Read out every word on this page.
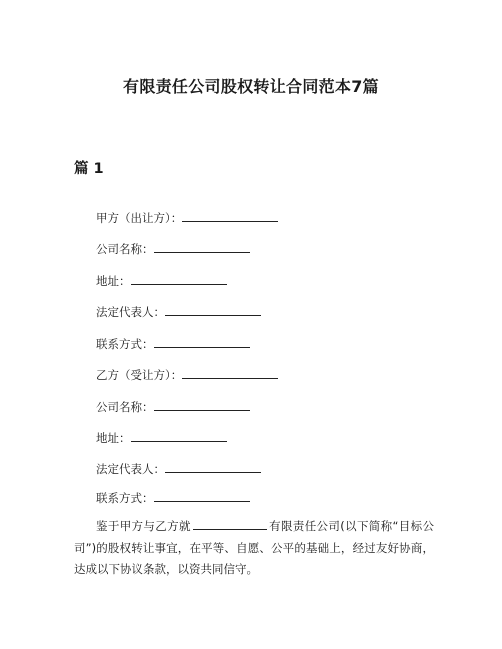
有限责任公司股权转让合同范本7篇
篇 1
甲方（出让方）：
公司名称：
地址：
法定代表人：
联系方式：
乙方（受让方）：
公司名称：
地址：
法定代表人：
联系方式：
鉴于甲方与乙方就	有限责任公司(以下简称“目标公司”)的股权转让事宜，在平等、自愿、公平的基础上，经过友好协商，达成以下协议条款，以资共同信守。
